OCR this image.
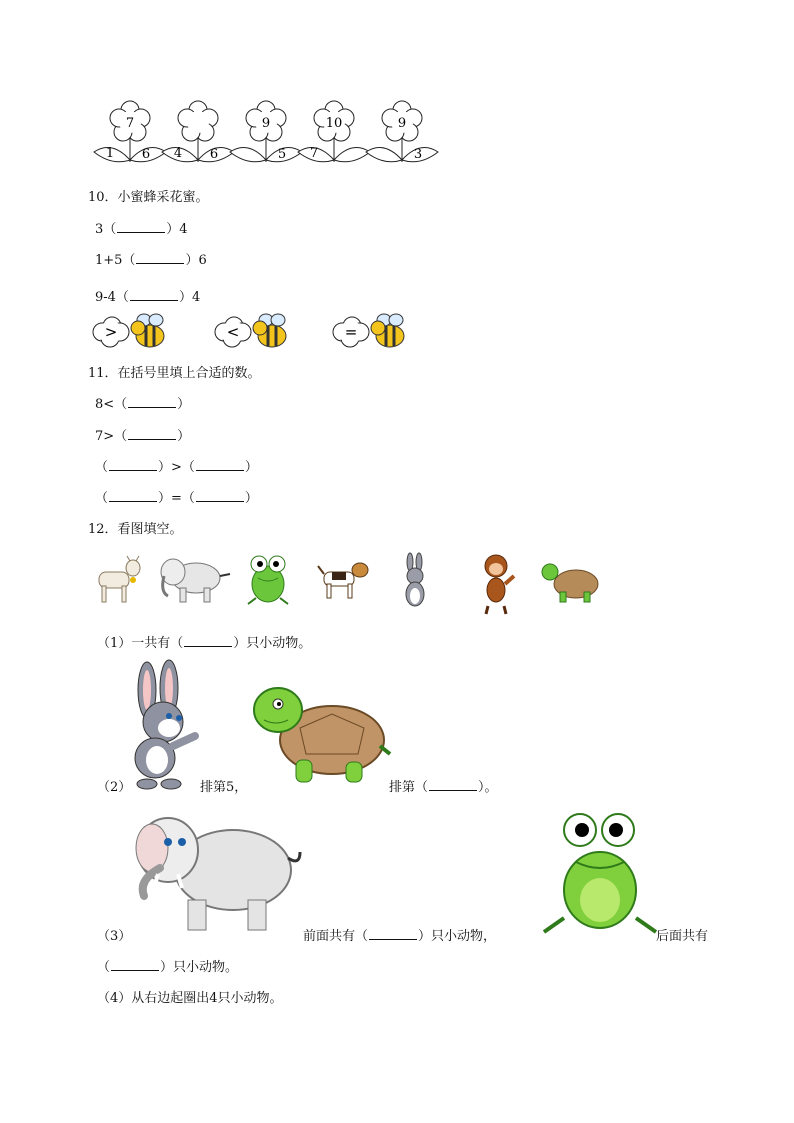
7
1 6 4 6
9
5
10
7
9
3
10．小蜜蜂采花蜜。
3（	）4
1+5（	）6
9-4（	）4
>	<	=
11．在括号里填上合适的数。
8<（	）
7>（	）
（	）>（	）
（	）=（	）
12．看图填空。
（1）一共有（	）只小动物。
（2）	排第5，	排第（	）。
（3）	前面共有（	）只小动物，	后面共有
（	）只小动物。
（4）从右边起圈出4只小动物。
